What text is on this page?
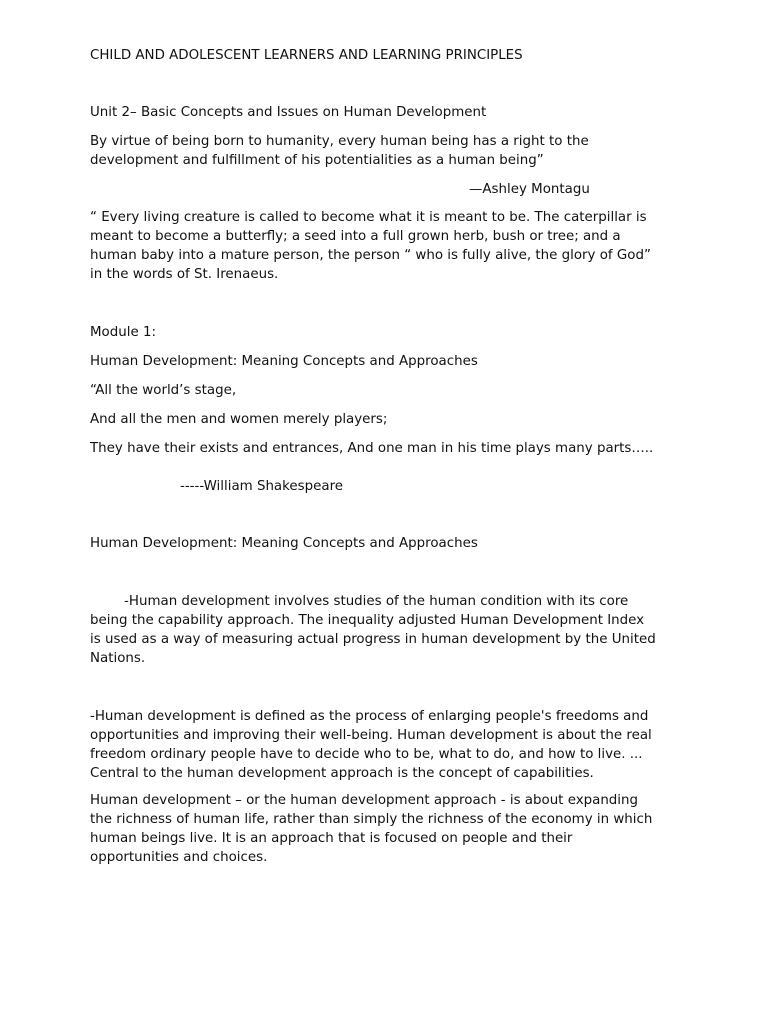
CHILD AND ADOLESCENT LEARNERS AND LEARNING PRINCIPLES

Unit 2– Basic Concepts and Issues on Human Development

By virtue of being born to humanity, every human being has a right to the
development and fulfillment of his potentialities as a human being”

—Ashley Montagu

“ Every living creature is called to become what it is meant to be. The caterpillar is
meant to become a butterfly; a seed into a full grown herb, bush or tree; and a
human baby into a mature person, the person “ who is fully alive, the glory of God”
in the words of St. Irenaeus.

Module 1:

Human Development: Meaning Concepts and Approaches

“All the world’s stage,

And all the men and women merely players;

They have their exists and entrances, And one man in his time plays many parts…..

-----William Shakespeare

Human Development: Meaning Concepts and Approaches

-Human development involves studies of the human condition with its core
being the capability approach. The inequality adjusted Human Development Index
is used as a way of measuring actual progress in human development by the United
Nations.
-Human development is defined as the process of enlarging people's freedoms and
opportunities and improving their well-being. Human development is about the real
freedom ordinary people have to decide who to be, what to do, and how to live. ...
Central to the human development approach is the concept of capabilities.
Human development – or the human development approach - is about expanding
the richness of human life, rather than simply the richness of the economy in which
human beings live. It is an approach that is focused on people and their
opportunities and choices.
